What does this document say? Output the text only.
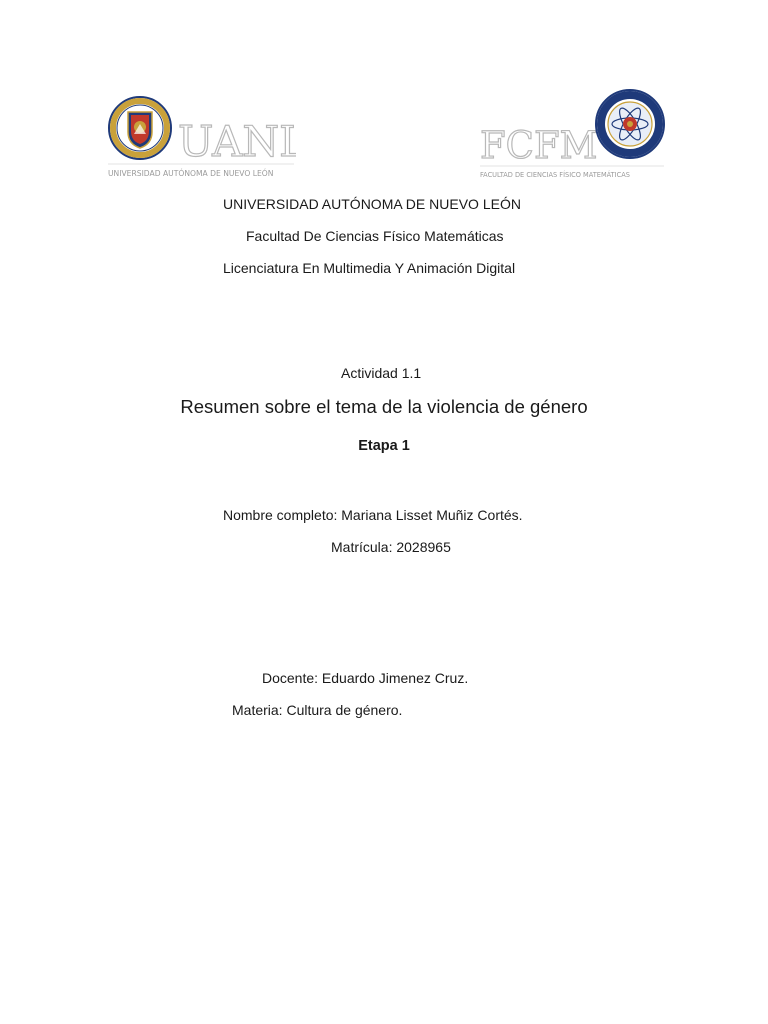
UANL
UNIVERSIDAD AUTÓNOMA DE NUEVO LEÓN
FCFM
FACULTAD DE CIENCIAS FÍSICO MATEMÁTICAS
UNIVERSIDAD AUTÓNOMA DE NUEVO LEÓN
Facultad De Ciencias Físico Matemáticas
Licenciatura En Multimedia Y Animación Digital
Actividad 1.1
Resumen sobre el tema de la violencia de género
Etapa 1
Nombre completo: Mariana Lisset Muñiz Cortés.
Matrícula: 2028965
Docente: Eduardo Jimenez Cruz.
Materia: Cultura de género.
